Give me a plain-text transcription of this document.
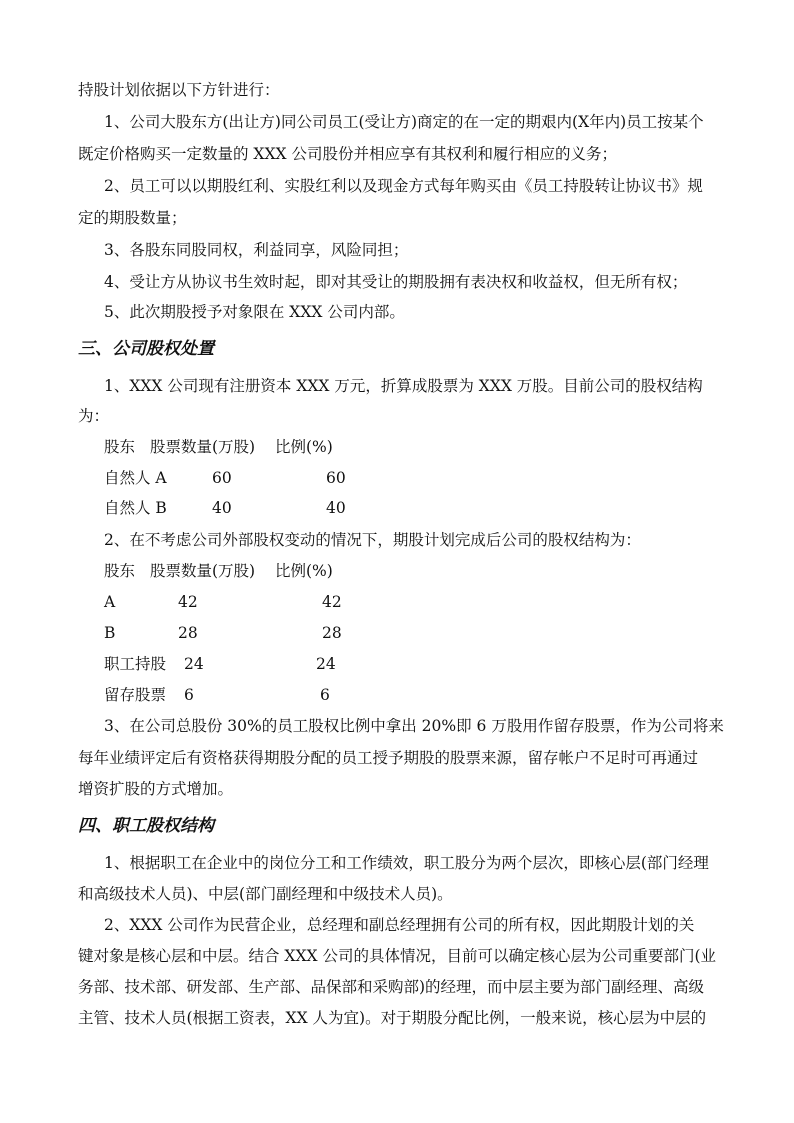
持股计划依据以下方针进行：
1、公司大股东方(出让方)同公司员工(受让方)商定的在一定的期艰内(X年内)员工按某个
既定价格购买一定数量的 XXX 公司股份并相应享有其权利和履行相应的义务；
2、员工可以以期股红利、实股红利以及现金方式每年购买由《员工持股转让协议书》规
定的期股数量；
3、各股东同股同权，利益同享，风险同担；
4、受让方从协议书生效时起，即对其受让的期股拥有表决权和收益权，但无所有权；
5、此次期股授予对象限在 XXX 公司内部。
三、公司股权处置
1、XXX 公司现有注册资本 XXX 万元，折算成股票为 XXX 万股。目前公司的股权结构
为：
股东 股票数量(万股) 比例(%)
自然人 A	60	60
自然人 B	40	40
2、在不考虑公司外部股权变动的情况下，期股计划完成后公司的股权结构为：
股东 股票数量(万股) 比例(%)
A	42	42
B	28	28
职工持股 24	24
留存股票 6	6
3、在公司总股份 30%的员工股权比例中拿出 20%即 6 万股用作留存股票，作为公司将来
每年业绩评定后有资格获得期股分配的员工授予期股的股票来源，留存帐户不足时可再通过
增资扩股的方式增加。
四、职工股权结构
1、根据职工在企业中的岗位分工和工作绩效，职工股分为两个层次，即核心层(部门经理
和高级技术人员)、中层(部门副经理和中级技术人员)。
2、XXX 公司作为民营企业，总经理和副总经理拥有公司的所有权，因此期股计划的关
键对象是核心层和中层。结合 XXX 公司的具体情况，目前可以确定核心层为公司重要部门(业
务部、技术部、研发部、生产部、品保部和采购部)的经理，而中层主要为部门副经理、高级
主管、技术人员(根据工资表，XX 人为宜)。对于期股分配比例，一般来说，核心层为中层的
